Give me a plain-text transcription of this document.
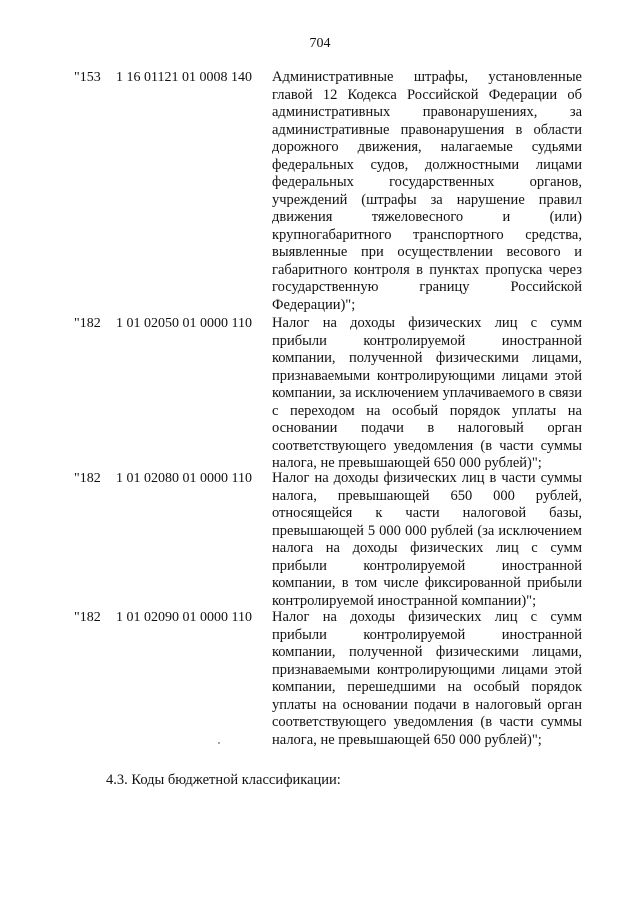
704
"153 1 16 01121 01 0008 140 Административные штрафы, установленные главой 12 Кодекса Российской Федерации об административных правонарушениях, за административные правонарушения в области дорожного движения, налагаемые судьями федеральных судов, должностными лицами федеральных государственных органов, учреждений (штрафы за нарушение правил движения тяжеловесного и (или) крупногабаритного транспортного средства, выявленные при осуществлении весового и габаритного контроля в пунктах пропуска через государственную границу Российской Федерации)";
"182 1 01 02050 01 0000 110 Налог на доходы физических лиц с сумм прибыли контролируемой иностранной компании, полученной физическими лицами, признаваемыми контролирующими лицами этой компании, за исключением уплачиваемого в связи с переходом на особый порядок уплаты на основании подачи в налоговый орган соответствующего уведомления (в части суммы налога, не превышающей 650 000 рублей)";
"182 1 01 02080 01 0000 110 Налог на доходы физических лиц в части суммы налога, превышающей 650 000 рублей, относящейся к части налоговой базы, превышающей 5 000 000 рублей (за исключением налога на доходы физических лиц с сумм прибыли контролируемой иностранной компании, в том числе фиксированной прибыли контролируемой иностранной компании)";
"182 1 01 02090 01 0000 110 Налог на доходы физических лиц с сумм прибыли контролируемой иностранной компании, полученной физическими лицами, признаваемыми контролирующими лицами этой компании, перешедшими на особый порядок уплаты на основании подачи в налоговый орган соответствующего уведомления (в части суммы налога, не превышающей 650 000 рублей)";
4.3. Коды бюджетной классификации:
